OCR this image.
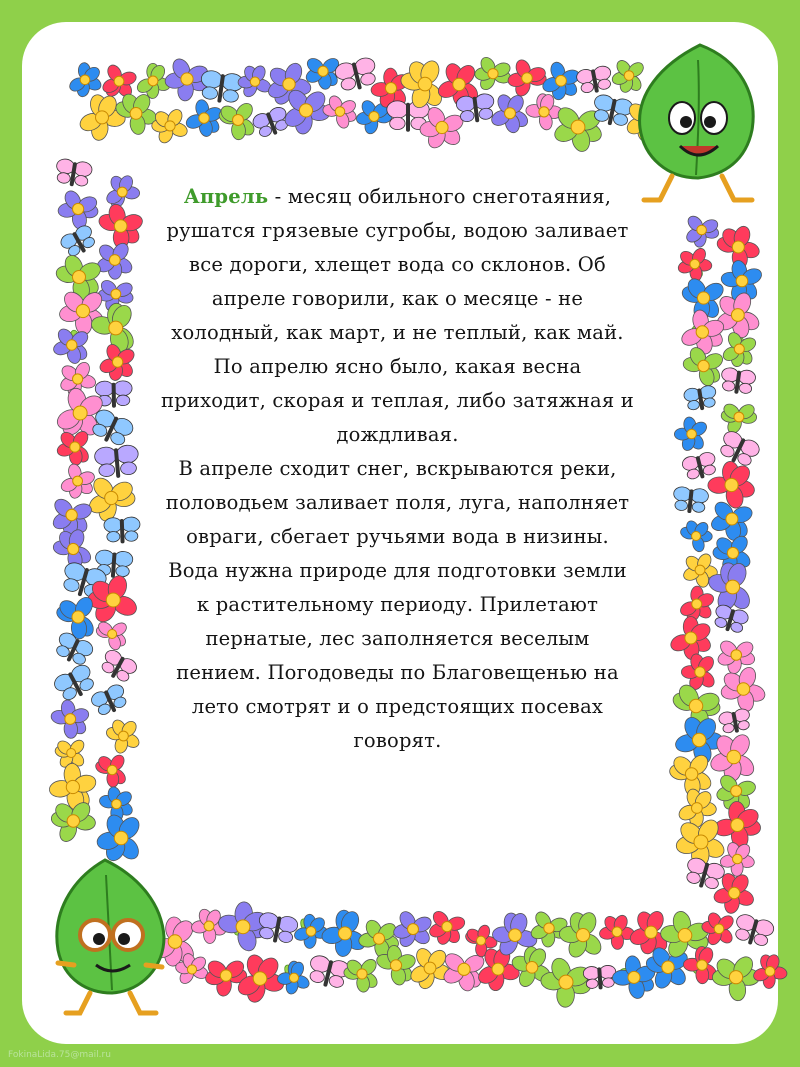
Апрель - месяц обильного снеготаяния, рушатся грязевые сугробы, водою заливает все дороги, хлещет вода со склонов. Об апреле говорили, как о месяце - не холодный, как март, и не теплый, как май. По апрелю ясно было, какая весна приходит, скорая и теплая, либо затяжная и дождливая.

В апреле сходит снег, вскрываются реки, половодьем заливает поля, луга, наполняет овраги, сбегает ручьями вода в низины. Вода нужна природе для подготовки земли к растительному периоду. Прилетают пернатые, лес заполняется веселым пением. Погодоведы по Благовещенью на лето смотрят и о предстоящих посевах говорят.

FokinaLida.75@mail.ru
